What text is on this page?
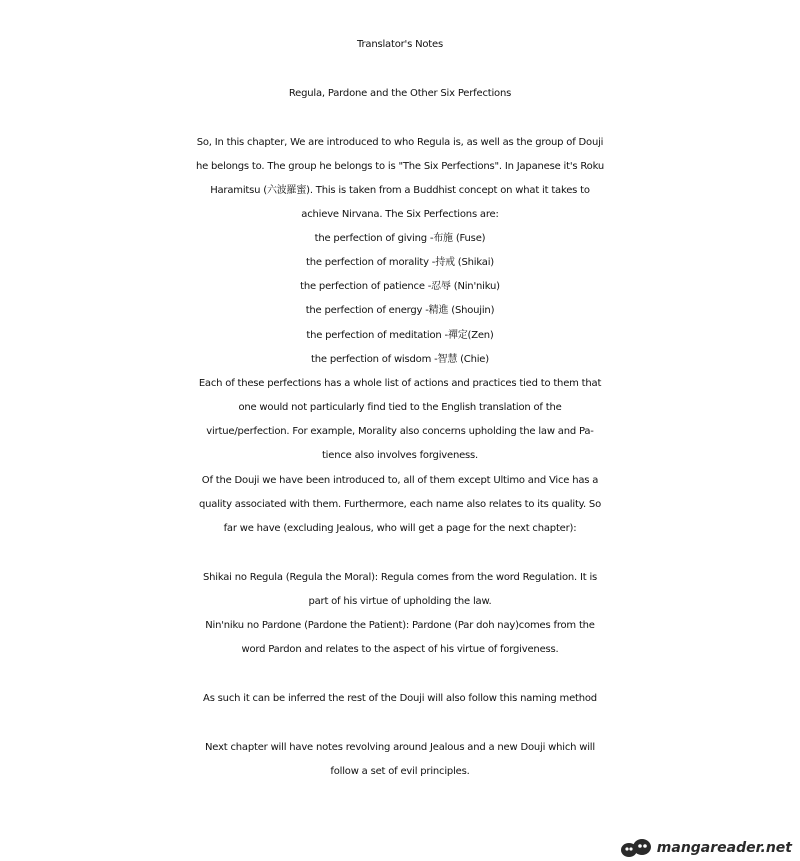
Translator's Notes
Regula, Pardone and the Other Six Perfections
So, In this chapter, We are introduced to who Regula is, as well as the group of Douji
he belongs to. The group he belongs to is "The Six Perfections". In Japanese it's Roku
Haramitsu (六波羅蜜). This is taken from a Buddhist concept on what it takes to
achieve Nirvana. The Six Perfections are:
the perfection of giving -布施 (Fuse)
the perfection of morality -持戒 (Shikai)
the perfection of patience -忍辱 (Nin'niku)
the perfection of energy -精進 (Shoujin)
the perfection of meditation -禪定(Zen)
the perfection of wisdom -智慧 (Chie)
Each of these perfections has a whole list of actions and practices tied to them that
one would not particularly find tied to the English translation of the
virtue/perfection. For example, Morality also concerns upholding the law and Pa-
tience also involves forgiveness.
Of the Douji we have been introduced to, all of them except Ultimo and Vice has a
quality associated with them. Furthermore, each name also relates to its quality. So
far we have (excluding Jealous, who will get a page for the next chapter):
Shikai no Regula (Regula the Moral): Regula comes from the word Regulation. It is
part of his virtue of upholding the law.
Nin'niku no Pardone (Pardone the Patient): Pardone (Par doh nay)comes from the
word Pardon and relates to the aspect of his virtue of forgiveness.
As such it can be inferred the rest of the Douji will also follow this naming method
Next chapter will have notes revolving around Jealous and a new Douji which will
follow a set of evil principles.
mangareader.net
